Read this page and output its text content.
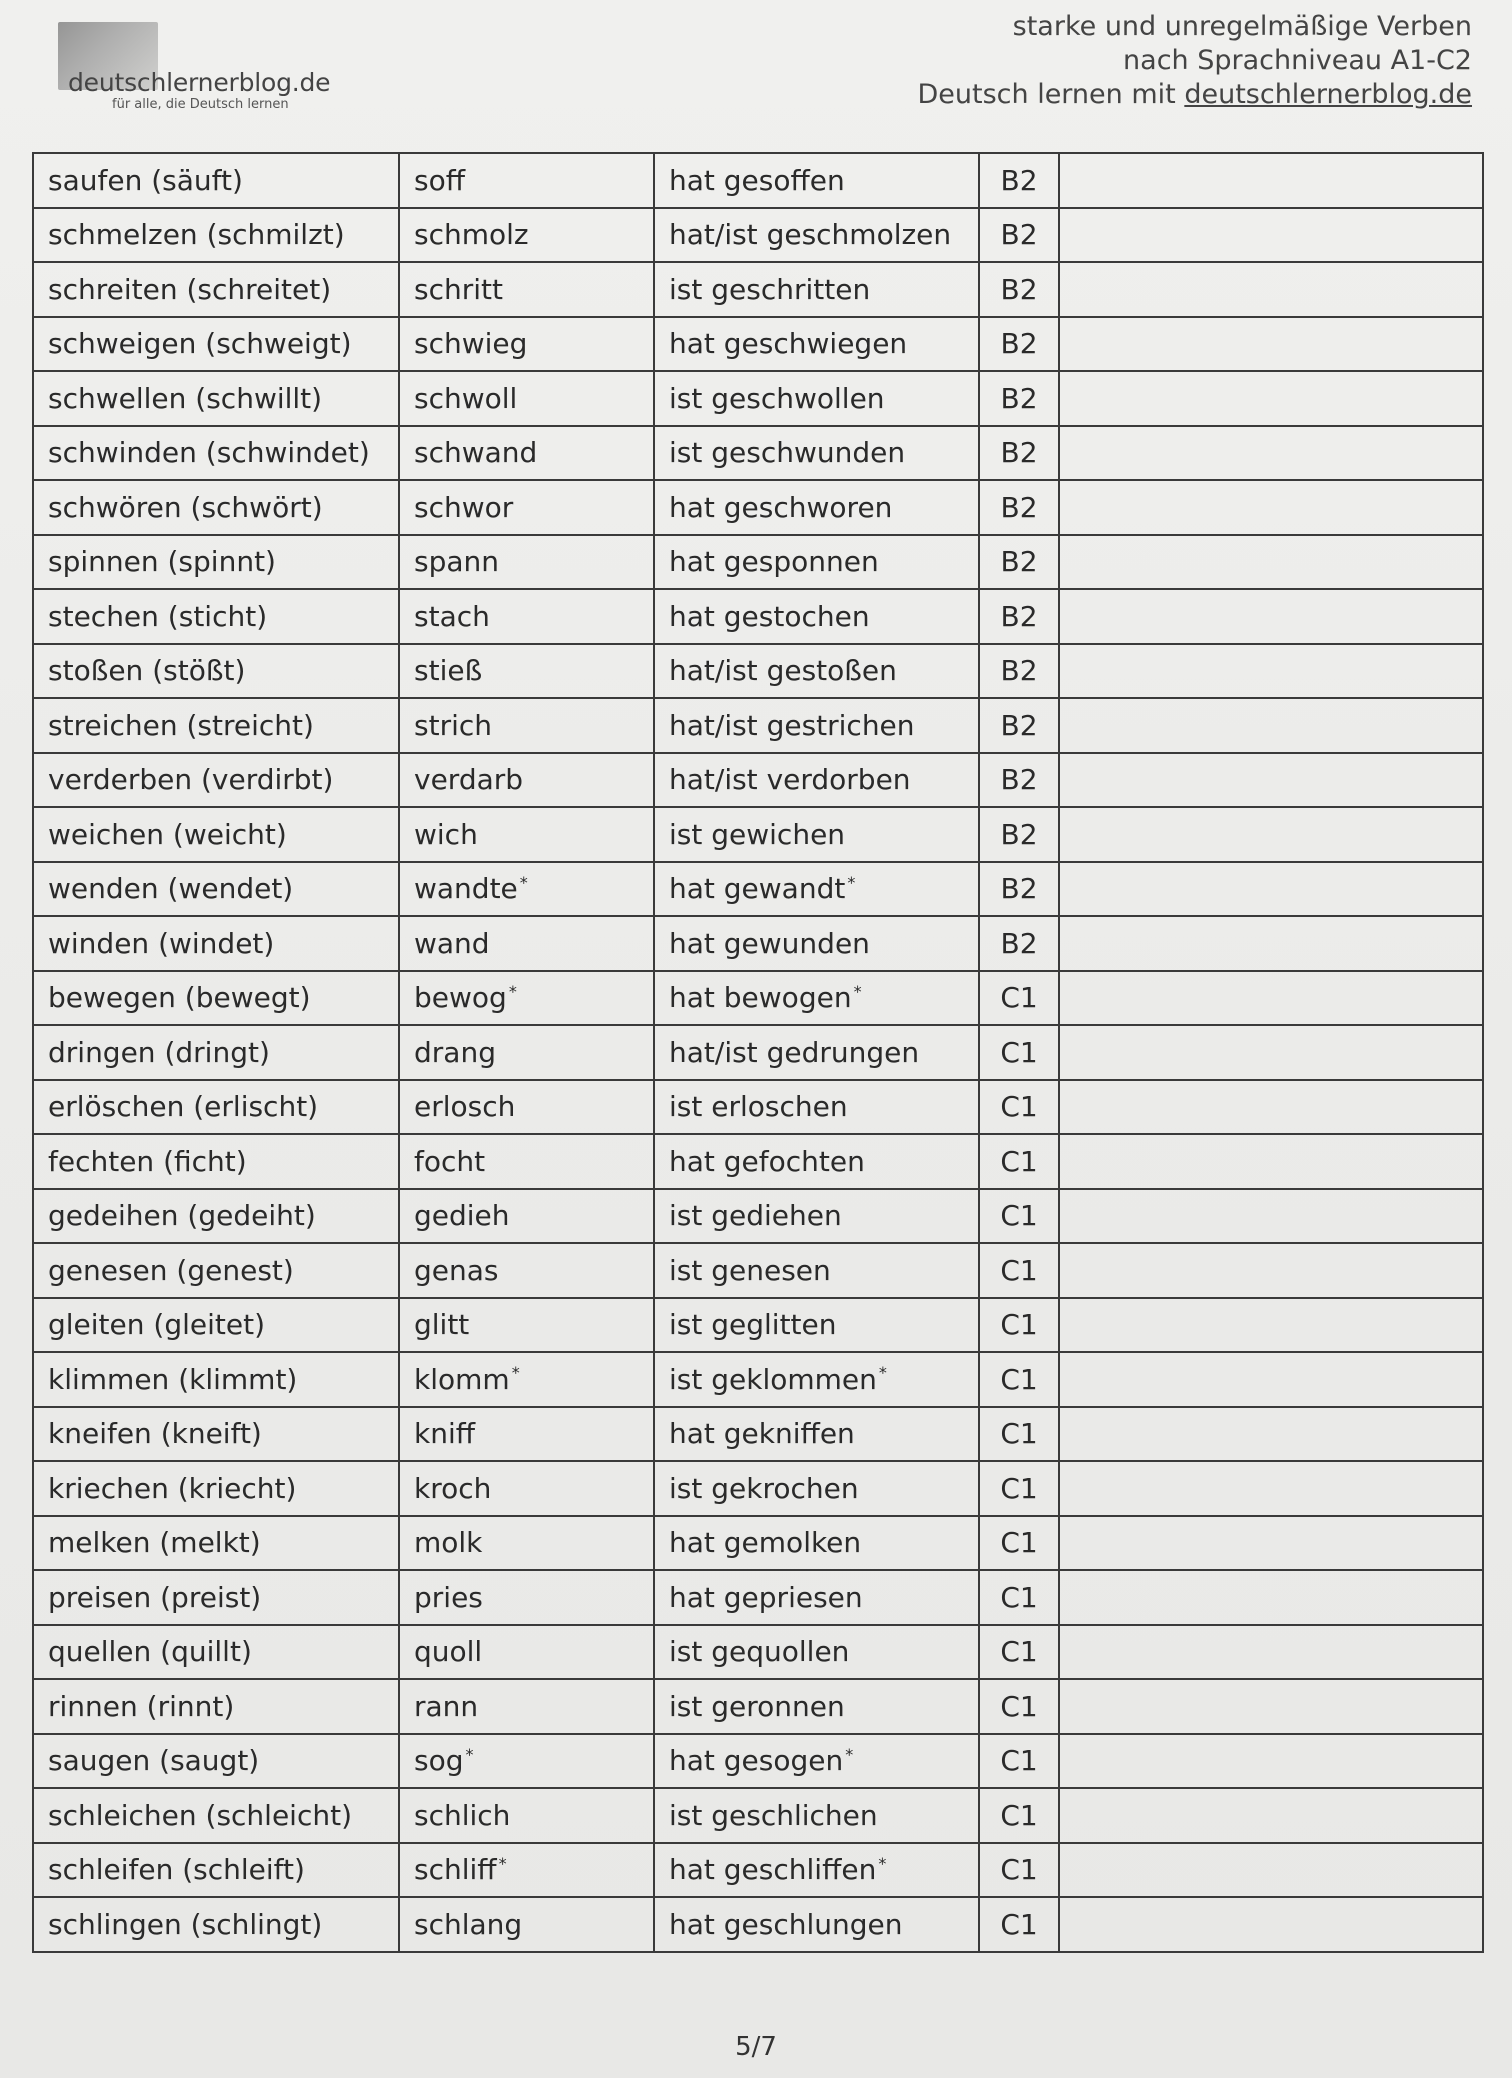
deutschlernerblog.de
für alle, die Deutsch lernen
starke und unregelmäßige Verben
nach Sprachniveau A1-C2
Deutsch lernen mit deutschlernerblog.de
saufen (säuft)	soff	hat gesoffen	B2	
schmelzen (schmilzt)	schmolz	hat/ist geschmolzen	B2	
schreiten (schreitet)	schritt	ist geschritten	B2	
schweigen (schweigt)	schwieg	hat geschwiegen	B2	
schwellen (schwillt)	schwoll	ist geschwollen	B2	
schwinden (schwindet)	schwand	ist geschwunden	B2	
schwören (schwört)	schwor	hat geschworen	B2	
spinnen (spinnt)	spann	hat gesponnen	B2	
stechen (sticht)	stach	hat gestochen	B2	
stoßen (stößt)	stieß	hat/ist gestoßen	B2	
streichen (streicht)	strich	hat/ist gestrichen	B2	
verderben (verdirbt)	verdarb	hat/ist verdorben	B2	
weichen (weicht)	wich	ist gewichen	B2	
wenden (wendet)	wandte *	hat gewandt *	B2	
winden (windet)	wand	hat gewunden	B2	
bewegen (bewegt)	bewog *	hat bewogen *	C1	
dringen (dringt)	drang	hat/ist gedrungen	C1	
erlöschen (erlischt)	erlosch	ist erloschen	C1	
fechten (ficht)	focht	hat gefochten	C1	
gedeihen (gedeiht)	gedieh	ist gediehen	C1	
genesen (genest)	genas	ist genesen	C1	
gleiten (gleitet)	glitt	ist geglitten	C1	
klimmen (klimmt)	klomm *	ist geklommen *	C1	
kneifen (kneift)	kniff	hat gekniffen	C1	
kriechen (kriecht)	kroch	ist gekrochen	C1	
melken (melkt)	molk	hat gemolken	C1	
preisen (preist)	pries	hat gepriesen	C1	
quellen (quillt)	quoll	ist gequollen	C1	
rinnen (rinnt)	rann	ist geronnen	C1	
saugen (saugt)	sog *	hat gesogen *	C1	
schleichen (schleicht)	schlich	ist geschlichen	C1	
schleifen (schleift)	schliff *	hat geschliffen *	C1	
schlingen (schlingt)	schlang	hat geschlungen	C1	
5/7
